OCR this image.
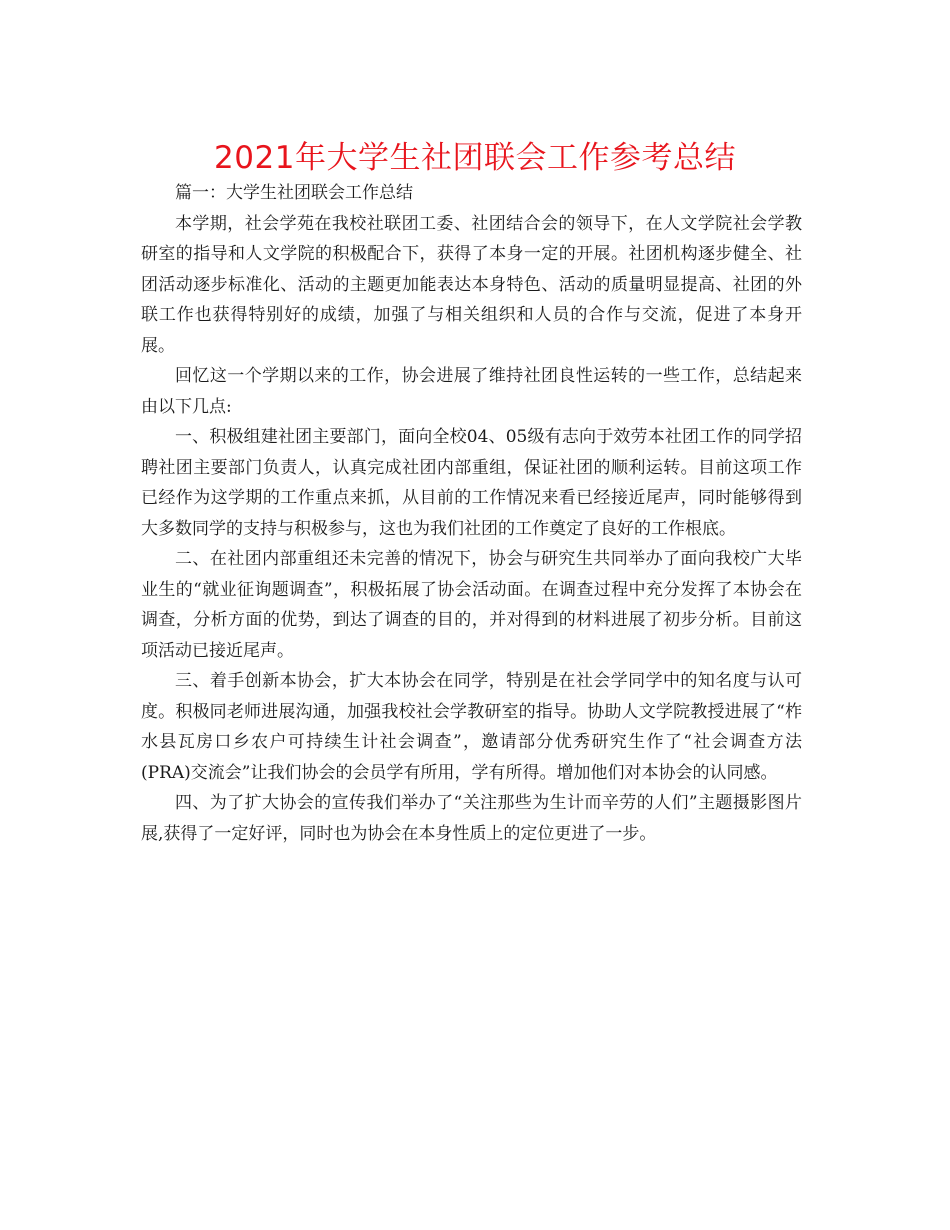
2021年大学生社团联会工作参考总结

篇一：大学生社团联会工作总结

本学期，社会学苑在我校社联团工委、社团结合会的领导下，在人文学院社会学教研室的指导和人文学院的积极配合下，获得了本身一定的开展。社团机构逐步健全、社团活动逐步标准化、活动的主题更加能表达本身特色、活动的质量明显提高、社团的外联工作也获得特别好的成绩，加强了与相关组织和人员的合作与交流，促进了本身开展。

回忆这一个学期以来的工作，协会进展了维持社团良性运转的一些工作，总结起来由以下几点:

一、积极组建社团主要部门，面向全校04、05级有志向于效劳本社团工作的同学招聘社团主要部门负责人，认真完成社团内部重组，保证社团的顺利运转。目前这项工作已经作为这学期的工作重点来抓，从目前的工作情况来看已经接近尾声，同时能够得到大多数同学的支持与积极参与，这也为我们社团的工作奠定了良好的工作根底。

二、在社团内部重组还未完善的情况下，协会与研究生共同举办了面向我校广大毕业生的“就业征询题调查”，积极拓展了协会活动面。在调查过程中充分发挥了本协会在调查，分析方面的优势，到达了调查的目的，并对得到的材料进展了初步分析。目前这项活动已接近尾声。

三、着手创新本协会，扩大本协会在同学，特别是在社会学同学中的知名度与认可度。积极同老师进展沟通，加强我校社会学教研室的指导。协助人文学院教授进展了“柞水县瓦房口乡农户可持续生计社会调查”，邀请部分优秀研究生作了“社会调查方法(PRA)交流会”让我们协会的会员学有所用，学有所得。增加他们对本协会的认同感。

四、为了扩大协会的宣传我们举办了“关注那些为生计而辛劳的人们”主题摄影图片展,获得了一定好评，同时也为协会在本身性质上的定位更进了一步。
